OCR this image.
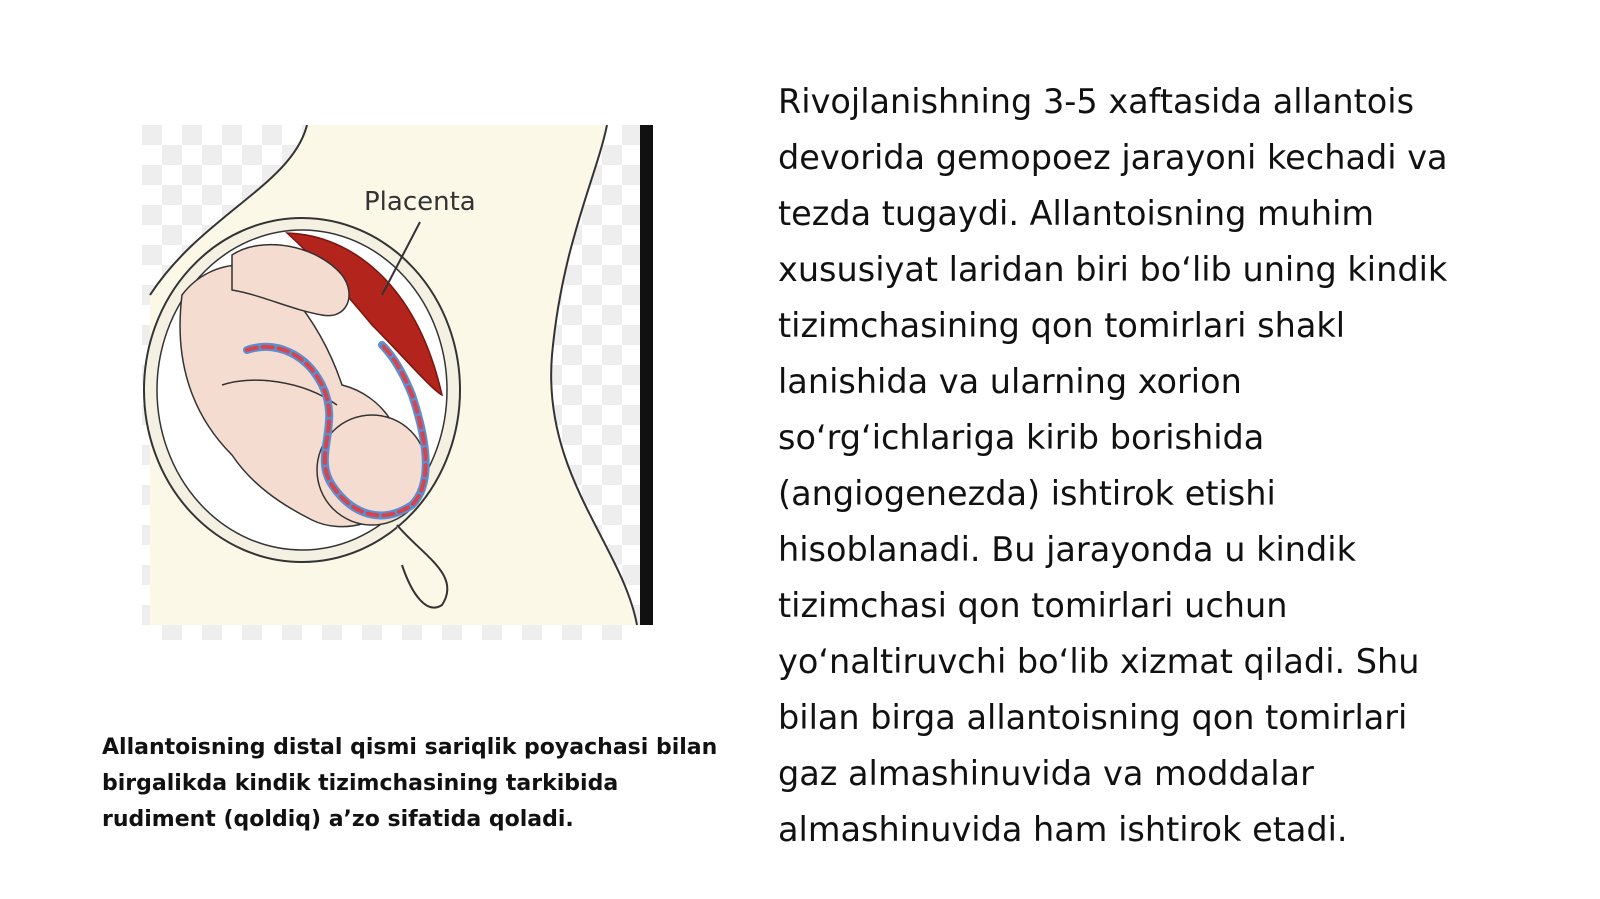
Placenta

Allantoisning distal qismi sariqlik poyachasi bilan
birgalikda kindik tizimchasining tarkibida
rudiment (qoldiq) a’zo sifatida qoladi.

Rivojlanishning 3-5 xaftasida allantois
devorida gemopoez jarayoni kechadi va
tezda tugaydi. Allantoisning muhim
xususiyat laridan biri bo‘lib uning kindik
tizimchasining qon tomirlari shakl
lanishida va ularning xorion
so‘rg‘ichlariga kirib borishida
(angiogenezda) ishtirok etishi
hisoblanadi. Bu jarayonda u kindik
tizimchasi qon tomirlari uchun
yo‘naltiruvchi bo‘lib xizmat qiladi. Shu
bilan birga allantoisning qon tomirlari
gaz almashinuvida va moddalar
almashinuvida ham ishtirok etadi.
